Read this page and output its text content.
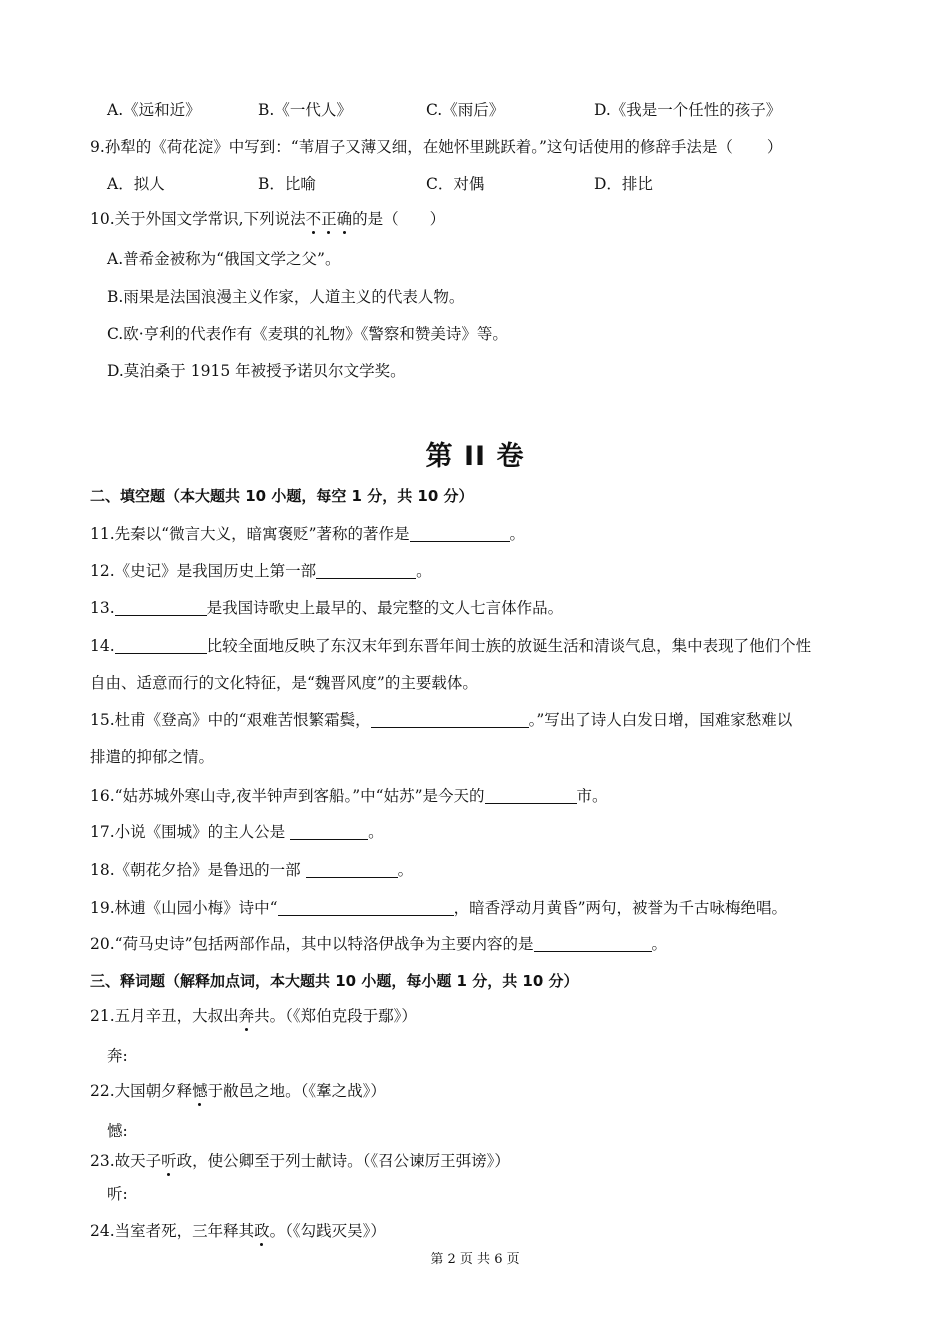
A.《远和近》	B.《一代人》	C.《雨后》	D.《我是一个任性的孩子》
9.孙犁的《荷花淀》中写到：“苇眉子又薄又细，在她怀里跳跃着。”这句话使用的修辞手法是（ ）
A．拟人	B．比喻	C．对偶	D．排比
10.关于外国文学常识,下列说法不正确的是（　　）
A.普希金被称为“俄国文学之父”。
B.雨果是法国浪漫主义作家，人道主义的代表人物。
C.欧·亨利的代表作有《麦琪的礼物》《警察和赞美诗》等。
D.莫泊桑于 1915 年被授予诺贝尔文学奖。
第 II 卷
二、填空题（本大题共 10 小题，每空 1 分，共 10 分）
11.先秦以“微言大义，暗寓褒贬”著称的著作是	。
12.《史记》是我国历史上第一部	。
13.	是我国诗歌史上最早的、最完整的文人七言体作品。
14.	比较全面地反映了东汉末年到东晋年间士族的放诞生活和清谈气息，集中表现了他们个性
自由、适意而行的文化特征，是“魏晋风度”的主要载体。
15.杜甫《登高》中的“艰难苦恨繁霜鬓，	。”写出了诗人白发日增，国难家愁难以
排遣的抑郁之情。
16.“姑苏城外寒山寺,夜半钟声到客船。”中“姑苏”是今天的	市。
17.小说《围城》的主人公是	。
18.《朝花夕拾》是鲁迅的一部	。
19.林逋《山园小梅》诗中“	，暗香浮动月黄昏”两句，被誉为千古咏梅绝唱。
20.“荷马史诗”包括两部作品，其中以特洛伊战争为主要内容的是	。
三、释词题（解释加点词，本大题共 10 小题，每小题 1 分，共 10 分）
21.五月辛丑，大叔出奔共。（《郑伯克段于鄢》）
奔:
22.大国朝夕释憾于敝邑之地。（《鞌之战》）
憾:
23.故天子听政，使公卿至于列士献诗。（《召公谏厉王弭谤》）
听:
24.当室者死，三年释其政。（《勾践灭吴》）
第 2 页 共 6 页
